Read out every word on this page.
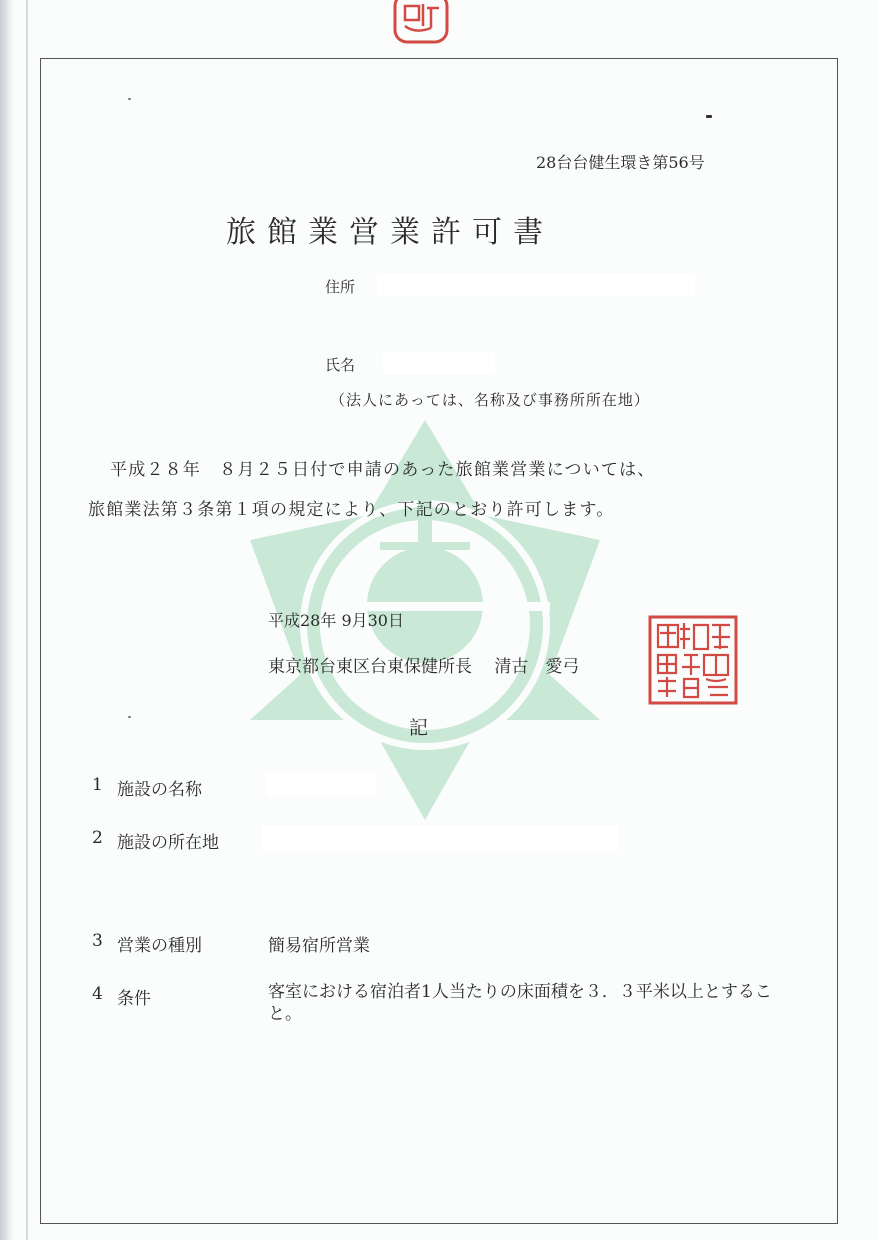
28台台健生環き第56号
旅館業営業許可書
住所
氏名
（法人にあっては、名称及び事務所所在地）
平成２８年　８月２５日付で申請のあった旅館業営業については、
旅館業法第３条第１項の規定により、下記のとおり許可します。
平成28年 9月30日
東京都台東区台東保健所長　 清古　愛弓
記
1 施設の名称
2 施設の所在地
3 営業の種別	簡易宿所営業
4 条件	客室における宿泊者1人当たりの床面積を３．３平米以上とすること。
